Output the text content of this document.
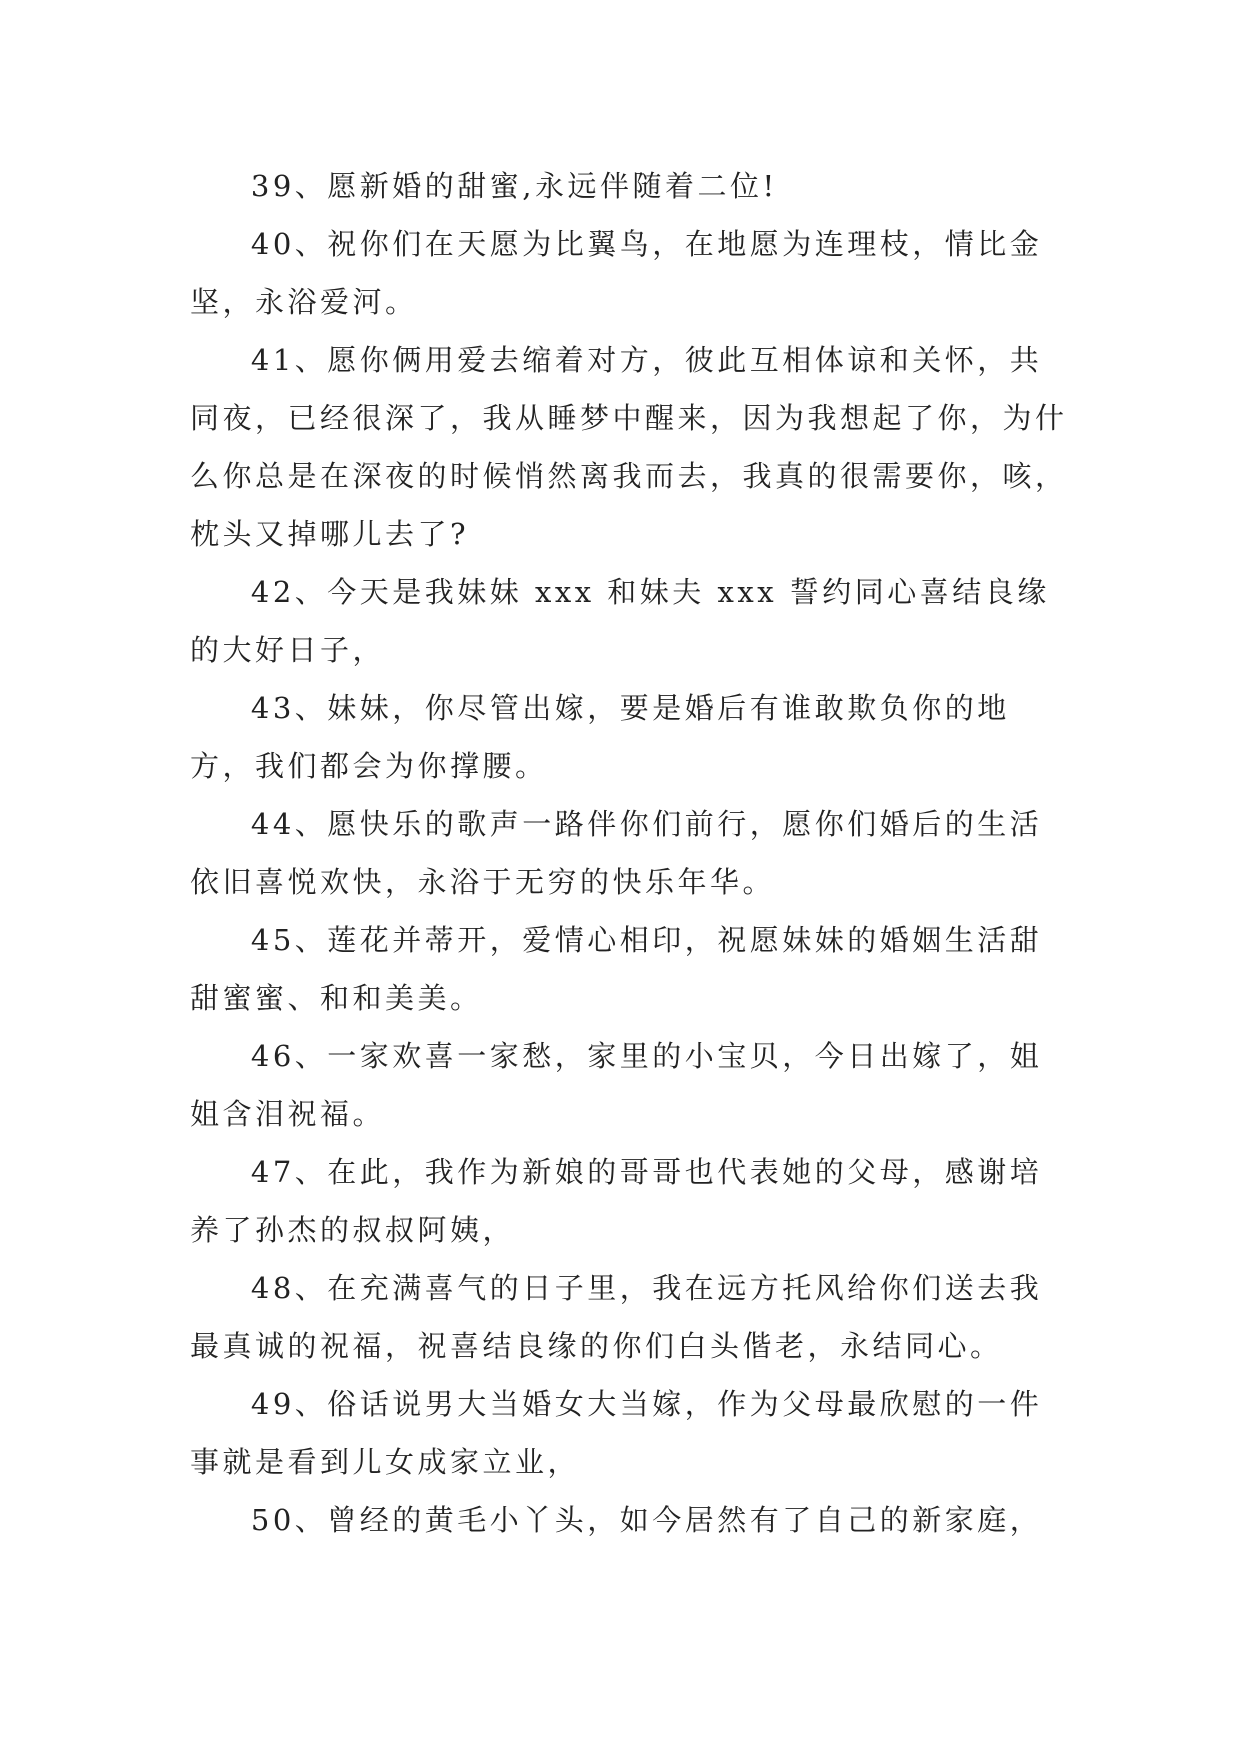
39、愿新婚的甜蜜,永远伴随着二位!

40、祝你们在天愿为比翼鸟，在地愿为连理枝，情比金坚，永浴爱河。

41、愿你俩用爱去缩着对方，彼此互相体谅和关怀，共同夜，已经很深了，我从睡梦中醒来，因为我想起了你，为什么你总是在深夜的时候悄然离我而去，我真的很需要你，咳，枕头又掉哪儿去了?

42、今天是我妹妹 xxx 和妹夫 xxx 誓约同心喜结良缘的大好日子，

43、妹妹，你尽管出嫁，要是婚后有谁敢欺负你的地方，我们都会为你撑腰。

44、愿快乐的歌声一路伴你们前行，愿你们婚后的生活依旧喜悦欢快，永浴于无穷的快乐年华。

45、莲花并蒂开，爱情心相印，祝愿妹妹的婚姻生活甜甜蜜蜜、和和美美。

46、一家欢喜一家愁，家里的小宝贝，今日出嫁了，姐姐含泪祝福。

47、在此，我作为新娘的哥哥也代表她的父母，感谢培养了孙杰的叔叔阿姨，

48、在充满喜气的日子里，我在远方托风给你们送去我最真诚的祝福，祝喜结良缘的你们白头偕老，永结同心。

49、俗话说男大当婚女大当嫁，作为父母最欣慰的一件事就是看到儿女成家立业，

50、曾经的黄毛小丫头，如今居然有了自己的新家庭，
